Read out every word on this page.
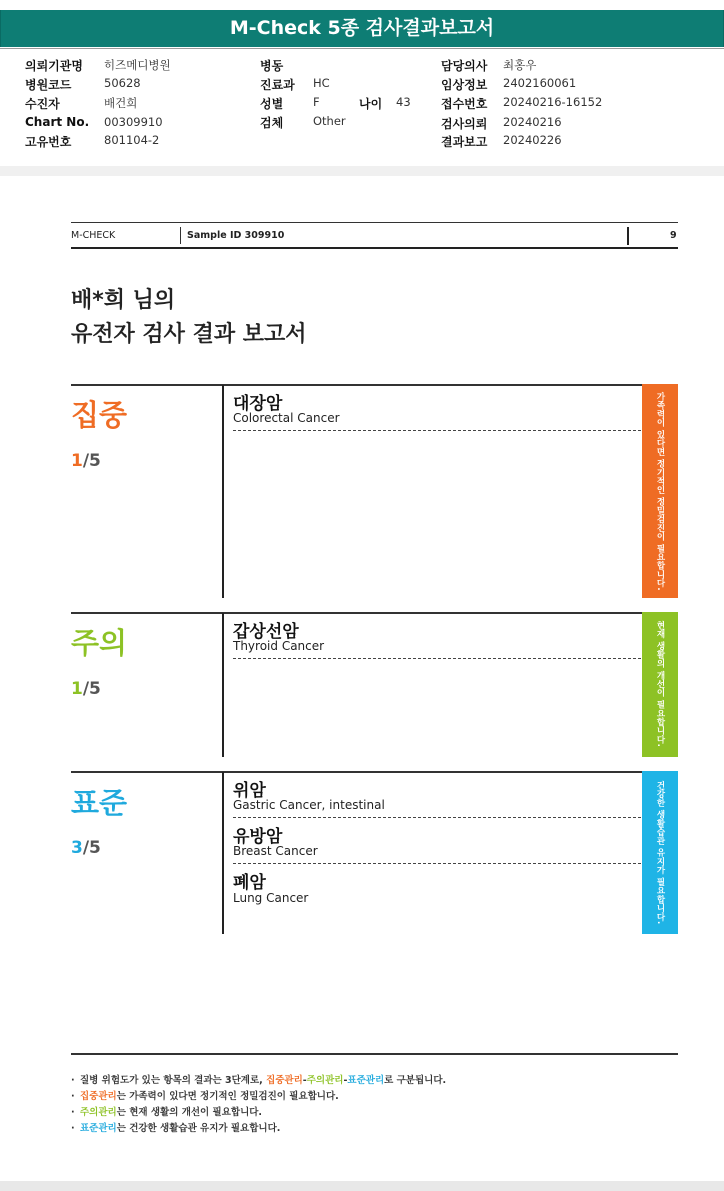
M-Check 5종 검사결과보고서
의뢰기관명 히즈메디병원
병원코드	50628
수진자	배건희
Chart No. 00309910
고유번호	801104-2
병동
진료과 HC
성별	F	나이 43
검체	Other
담당의사 최홍우
임상정보 2402160061
접수번호 20240216-16152
검사의뢰 20240216
결과보고 20240226
M-CHECK	Sample ID 309910	9
배*희 님의
유전자 검사 결과 보고서
집중
1/5
대장암
Colorectal Cancer	가족력이 있다면 정기적인 정밀검진이 필요합니다.
주의
1/5
갑상선암
Thyroid Cancer	현재 생활의 개선이 필요합니다.
표준
3/5
위암
Gastric Cancer, intestinal
유방암
Breast Cancer
폐암
Lung Cancer	건강한 생활습관 유지가 필요합니다.
· 질병 위험도가 있는 항목의 결과는 3단계로, 집중관리-주의관리-표준관리로 구분됩니다.
· 집중관리는 가족력이 있다면 정기적인 정밀검진이 필요합니다.
· 주의관리는 현재 생활의 개선이 필요합니다.
· 표준관리는 건강한 생활습관 유지가 필요합니다.
